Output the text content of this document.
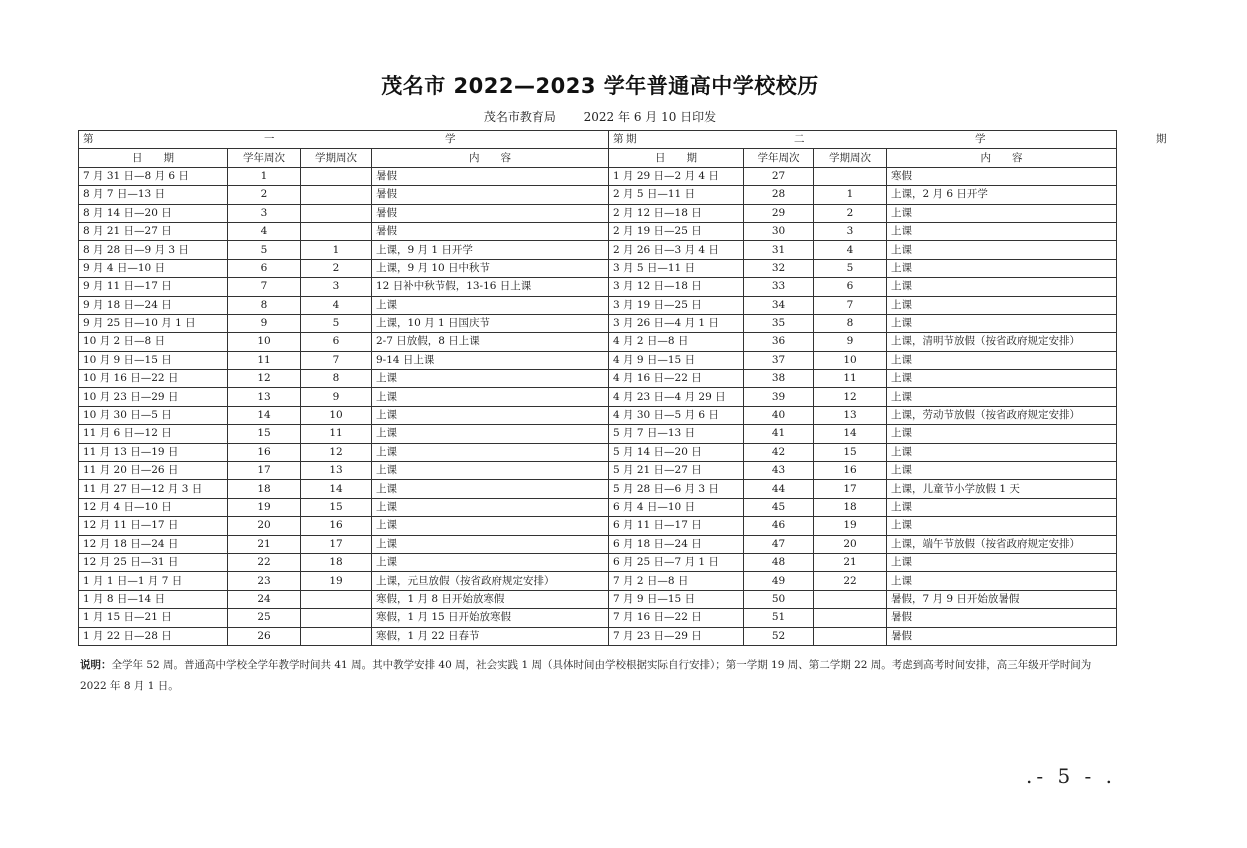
茂名市 2022—2023 学年普通高中学校校历
茂名市教育局 2022 年 6 月 10 日印发
第　一　学　期				第　二　学　期			
日　　期	学年周次	学期周次	内　　容	日　　期	学年周次	学期周次	内　　容
7 月 31 日—8 月 6 日	1		暑假	1 月 29 日—2 月 4 日	27		寒假
8 月 7 日—13 日	2		暑假	2 月 5 日—11 日	28	1	上课，2 月 6 日开学
8 月 14 日—20 日	3		暑假	2 月 12 日—18 日	29	2	上课
8 月 21 日—27 日	4		暑假	2 月 19 日—25 日	30	3	上课
8 月 28 日—9 月 3 日	5	1	上课，9 月 1 日开学	2 月 26 日—3 月 4 日	31	4	上课
9 月 4 日—10 日	6	2	上课，9 月 10 日中秋节	3 月 5 日—11 日	32	5	上课
9 月 11 日—17 日	7	3	12 日补中秋节假，13-16 日上课	3 月 12 日—18 日	33	6	上课
9 月 18 日—24 日	8	4	上课	3 月 19 日—25 日	34	7	上课
9 月 25 日—10 月 1 日	9	5	上课，10 月 1 日国庆节	3 月 26 日—4 月 1 日	35	8	上课
10 月 2 日—8 日	10	6	2-7 日放假，8 日上课	4 月 2 日—8 日	36	9	上课，清明节放假（按省政府规定安排）
10 月 9 日—15 日	11	7	9-14 日上课	4 月 9 日—15 日	37	10	上课
10 月 16 日—22 日	12	8	上课	4 月 16 日—22 日	38	11	上课
10 月 23 日—29 日	13	9	上课	4 月 23 日—4 月 29 日	39	12	上课
10 月 30 日—5 日	14	10	上课	4 月 30 日—5 月 6 日	40	13	上课，劳动节放假（按省政府规定安排）
11 月 6 日—12 日	15	11	上课	5 月 7 日—13 日	41	14	上课
11 月 13 日—19 日	16	12	上课	5 月 14 日—20 日	42	15	上课
11 月 20 日—26 日	17	13	上课	5 月 21 日—27 日	43	16	上课
11 月 27 日—12 月 3 日	18	14	上课	5 月 28 日—6 月 3 日	44	17	上课，儿童节小学放假 1 天
12 月 4 日—10 日	19	15	上课	6 月 4 日—10 日	45	18	上课
12 月 11 日—17 日	20	16	上课	6 月 11 日—17 日	46	19	上课
12 月 18 日—24 日	21	17	上课	6 月 18 日—24 日	47	20	上课，端午节放假（按省政府规定安排）
12 月 25 日—31 日	22	18	上课	6 月 25 日—7 月 1 日	48	21	上课
1 月 1 日—1 月 7 日	23	19	上课，元旦放假（按省政府规定安排）	7 月 2 日—8 日	49	22	上课
1 月 8 日—14 日	24		寒假，1 月 8 日开始放寒假	7 月 9 日—15 日	50		暑假，7 月 9 日开始放暑假
1 月 15 日—21 日	25		寒假，1 月 15 日开始放寒假	7 月 16 日—22 日	51		暑假
1 月 22 日—28 日	26		寒假，1 月 22 日春节	7 月 23 日—29 日	52		暑假
说明：全学年 52 周。普通高中学校全学年教学时间共 41 周。其中教学安排 40 周，社会实践 1 周（具体时间由学校根据实际自行安排）；第一学期 19 周、第二学期 22 周。考虑到高考时间安排，高三年级开学时间为 2022 年 8 月 1 日。
.- 5 - .
